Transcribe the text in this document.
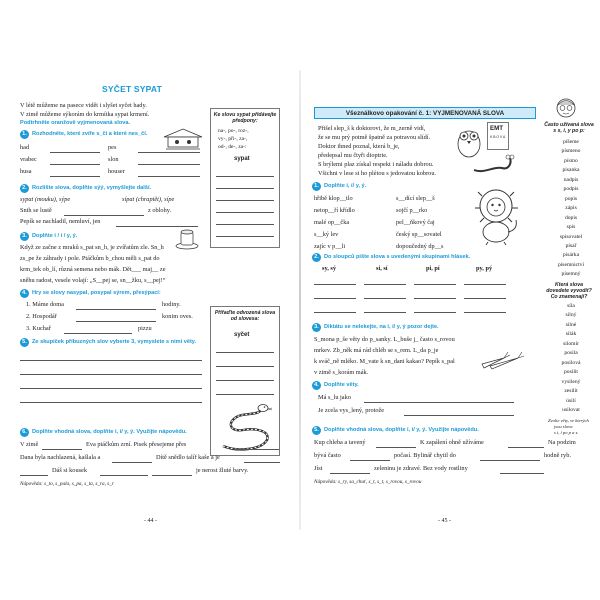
SYČET SYPAT
V létě můžeme na pasece vidět i slyšet syčet hady.
V zimě můžeme sýkorám do krmítka sypat krmení.
Podtrhněte oranžově vyjmenovaná slova.
Ke slovu sypat přidávejte předpony:
na-, po-, roz-,
vy-, při-, za-,
od-, de-, za-:
sypat
Přiřaďte odvozená slova od slovesa:
syčet
1. Rozhodněte, které zvíře s_čí a které nes_čí.
had	pes
vrabec	slon
husa	houser
2. Rozlište slova, doplňte sýý, vymyšlejte další.
sypat (mouku), sýpe	sípat (chraptět), sípe
Snih se lustě	z oblohy.
Pepík se nachladil, nemluví, jen
3. Doplňte i / í / y, ý.
Když ze začne z mraků s_pat sn_h, je zvířatům zle. Sn_h
zs_pe že záhrady i pole. Ptáčkům b_chou měli s_pat do
krm_tek ob_lí, různá semena nebo mák. Dět___ maj__ ze
sněhu radost, vesele volají: „S__pej se, sn__žku, s__pej!“
4. Hry se slovy nasypal, posypal sýrem, přesýpací:
1. Máme doma	hodiny.
2. Hospodář	konim oves.
3. Kuchař	pizzu
5. Ze skupiček příbuzných slov vyberte 3, vymyslete s nimi věty.
6. Doplňte vhodná slova, doplňte i, í/ y, ý. Využijte nápovědu.
V zimě	Eva ptáčkům zrní. Pisek přesejeme přes
Dana byla nachlazená, kašlala a	Dítě snědlo talíř kaše a je
Dáš si kousek	je nerost žluté barvy.
Nápověda: s_to, s_pala, s_pa, s_ta, s_ra, s_r
- 44 -
Všeználkovo opakování č. 1: VYJMENOVANÁ SLOVA
Přišel slep_š k doktorovi, že m_zerně vidí,
že se mu prý potmě špatně za potravou slídí.
Doktor ihned poznal, která b_je,
předepsal mu čtyři dioptrie.
S brýlemi plaz získal respekt i náladu dobrou.
Všichni v lese si ho plétou s jedovatou kobrou.
EMT
K B O V A
1. Doplňte i, í/ y, ý.
hřibě klop__tlo	s__dící slep__š
netop__ří křídlo	sojčí p__rko
malé op__čka	pel__ňkový čaj
s__ký lev	český sp__sovatel
zajíc v p__li	dopoučedný dp__s
2. Do sloupců pište slova s uvedenými skupinami hlásek.
sy, sý	si, sí	pi, pí	py, pý
3. Diktátu se nelekejte, na i, í/ y, ý pozor dejte.
S_mona p_še věty do p_sanky. L_buše j_ často s_rovou
mrkev. Zb_něk má rád chléb se s_rem. L_da p_je
k sváč_ně mléko. M_vate k sn_dani kakao? Pepík s_pal
v zimě s_korám mák.
4. Doplňte věty.
Má s_lu jako
Je zcela vys_lený, protože
5. Doplňte vhodná slova, doplňte i, í/ y, ý. Využijte nápovědu.
Kup chleba a tavený	K zapálení ohně užíváme	Na podzim
bývá často	počasí. Bylinář chytil do	hodně ryb.
Jíst	zeleninu je zdravé. Bez vody rostliny
Nápověda: s_ry, sa_chuť, s_t, s_t, s_rovou, s_rovou
- 45 -
Často užívaná slova s s, i, y po p:
píšeme
písmeno
písmo
pisanka
nadpis
podpis
popis
zápis
dopis
spis
spisovatel
písař
pisárka
písemnictví
písemný
Která slova dovedete vyvodit? Co znamenají?
síla
silný
silné
silák
silomír
posila
posilová
posilit
vysilený
zesilit
úsilí
usilovat
Zvolte věty, ve kterých
jsou slova
s i, í po p a s.
